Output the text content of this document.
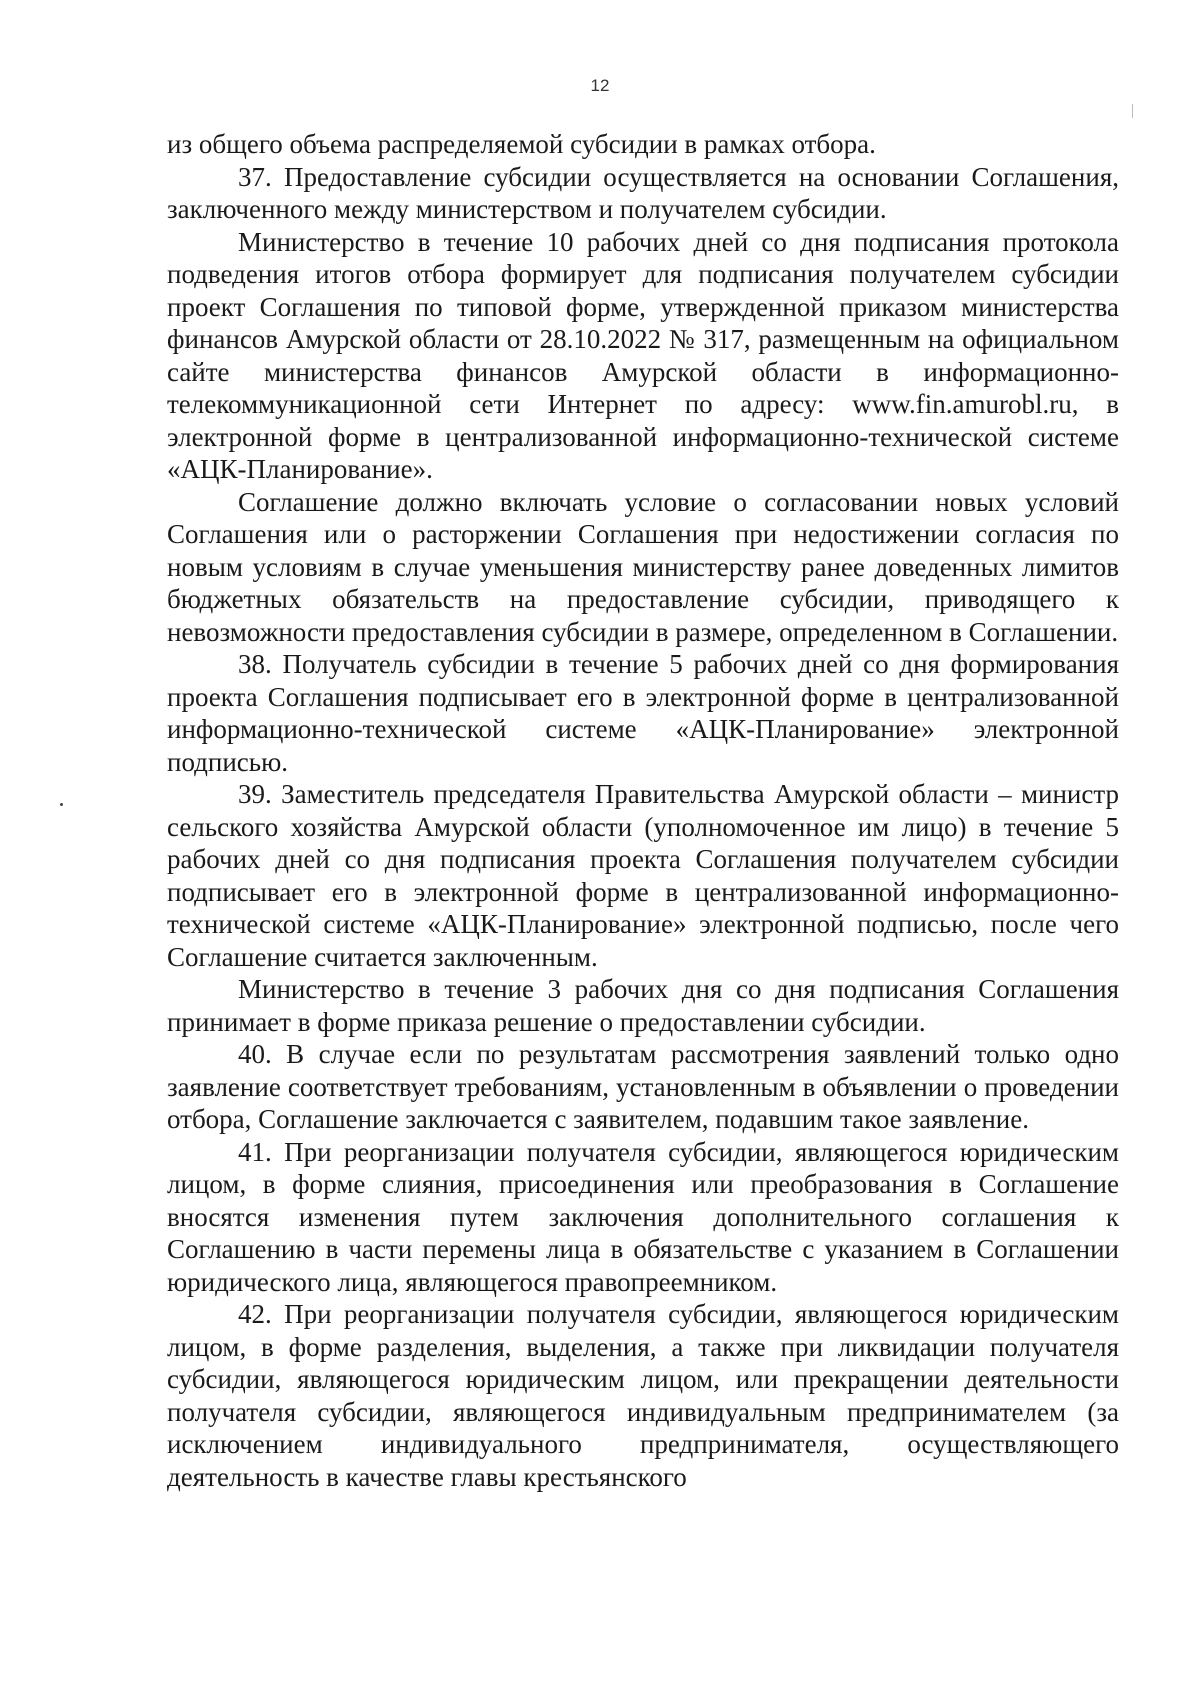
12

из общего объема распределяемой субсидии в рамках отбора.

37. Предоставление субсидии осуществляется на основании Соглашения, заключенного между министерством и получателем субсидии.

Министерство в течение 10 рабочих дней со дня подписания протокола подведения итогов отбора формирует для подписания получателем субсидии проект Соглашения по типовой форме, утвержденной приказом министерства финансов Амурской области от 28.10.2022 № 317, размещенным на официальном сайте министерства финансов Амурской области в информационно-телекоммуникационной сети Интернет по адресу: www.fin.amurobl.ru, в электронной форме в централизованной информационно-технической системе «АЦК-Планирование».

Соглашение должно включать условие о согласовании новых условий Соглашения или о расторжении Соглашения при недостижении согласия по новым условиям в случае уменьшения министерству ранее доведенных лимитов бюджетных обязательств на предоставление субсидии, приводящего к невозможности предоставления субсидии в размере, определенном в Соглашении.

38. Получатель субсидии в течение 5 рабочих дней со дня формирования проекта Соглашения подписывает его в электронной форме в централизованной информационно-технической системе «АЦК-Планирование» электронной подписью.

39. Заместитель председателя Правительства Амурской области – министр сельского хозяйства Амурской области (уполномоченное им лицо) в течение 5 рабочих дней со дня подписания проекта Соглашения получателем субсидии подписывает его в электронной форме в централизованной информационно-технической системе «АЦК-Планирование» электронной подписью, после чего Соглашение считается заключенным.

Министерство в течение 3 рабочих дня со дня подписания Соглашения принимает в форме приказа решение о предоставлении субсидии.

40. В случае если по результатам рассмотрения заявлений только одно заявление соответствует требованиям, установленным в объявлении о проведении отбора, Соглашение заключается с заявителем, подавшим такое заявление.

41. При реорганизации получателя субсидии, являющегося юридическим лицом, в форме слияния, присоединения или преобразования в Соглашение вносятся изменения путем заключения дополнительного соглашения к Соглашению в части перемены лица в обязательстве с указанием в Соглашении юридического лица, являющегося правопреемником.

42. При реорганизации получателя субсидии, являющегося юридическим лицом, в форме разделения, выделения, а также при ликвидации получателя субсидии, являющегося юридическим лицом, или прекращении деятельности получателя субсидии, являющегося индивидуальным предпринимателем (за исключением индивидуального предпринимателя, осуществляющего деятельность в качестве главы крестьянского
